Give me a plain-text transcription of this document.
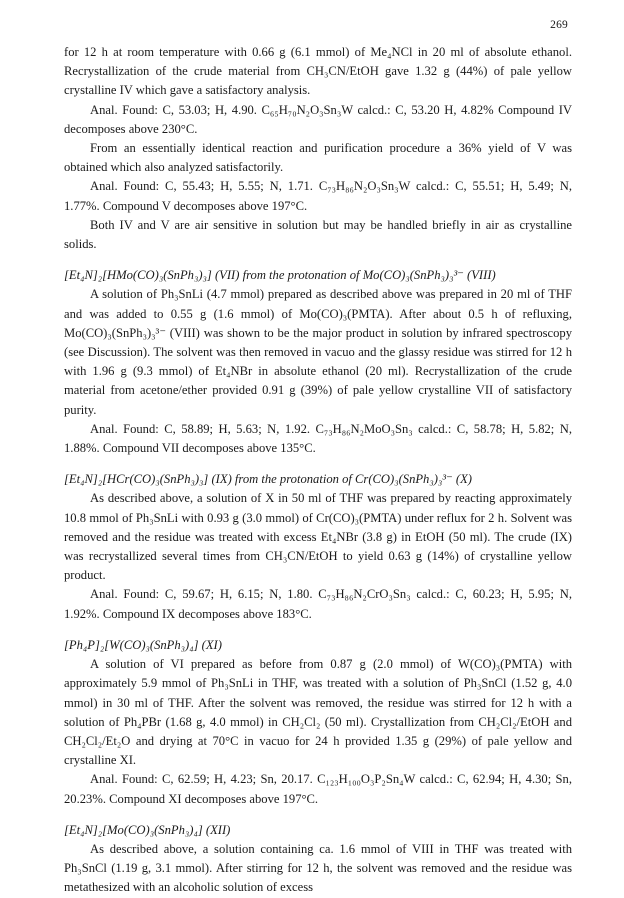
269

for 12 h at room temperature with 0.66 g (6.1 mmol) of Me₄NCl in 20 ml of absolute ethanol. Recrystallization of the crude material from CH₃CN/EtOH gave 1.32 g (44%) of pale yellow crystalline IV which gave a satisfactory analysis.

Anal. Found: C, 53.03; H, 4.90. C₆₅H₇₀N₂O₃Sn₃W calcd.: C, 53.20 H, 4.82% Compound IV decomposes above 230°C.

From an essentially identical reaction and purification procedure a 36% yield of V was obtained which also analyzed satisfactorily.

Anal. Found: C, 55.43; H, 5.55; N, 1.71. C₇₃H₈₆N₂O₃Sn₃W calcd.: C, 55.51; H, 5.49; N, 1.77%. Compound V decomposes above 197°C.

Both IV and V are air sensitive in solution but may be handled briefly in air as crystalline solids.

[Et₄N]₂[HMo(CO)₃(SnPh₃)₃] (VII) from the protonation of Mo(CO)₃(SnPh₃)₃³⁻ (VIII)

A solution of Ph₃SnLi (4.7 mmol) prepared as described above was prepared in 20 ml of THF and was added to 0.55 g (1.6 mmol) of Mo(CO)₃(PMTA). After about 0.5 h of refluxing, Mo(CO)₃(SnPh₃)₃³⁻ (VIII) was shown to be the major product in solution by infrared spectroscopy (see Discussion). The solvent was then removed in vacuo and the glassy residue was stirred for 12 h with 1.96 g (9.3 mmol) of Et₄NBr in absolute ethanol (20 ml). Recrystallization of the crude material from acetone/ether provided 0.91 g (39%) of pale yellow crystalline VII of satisfactory purity.

Anal. Found: C, 58.89; H, 5.63; N, 1.92. C₇₃H₈₆N₂MoO₃Sn₃ calcd.: C, 58.78; H, 5.82; N, 1.88%. Compound VII decomposes above 135°C.

[Et₄N]₂[HCr(CO)₃(SnPh₃)₃] (IX) from the protonation of Cr(CO)₃(SnPh₃)₃³⁻ (X)

As described above, a solution of X in 50 ml of THF was prepared by reacting approximately 10.8 mmol of Ph₃SnLi with 0.93 g (3.0 mmol) of Cr(CO)₃(PMTA) under reflux for 2 h. Solvent was removed and the residue was treated with excess Et₄NBr (3.8 g) in EtOH (50 ml). The crude (IX) was recrystallized several times from CH₃CN/EtOH to yield 0.63 g (14%) of crystalline yellow product.

Anal. Found: C, 59.67; H, 6.15; N, 1.80. C₇₃H₈₆N₂CrO₃Sn₃ calcd.: C, 60.23; H, 5.95; N, 1.92%. Compound IX decomposes above 183°C.

[Ph₄P]₂[W(CO)₃(SnPh₃)₄] (XI)

A solution of VI prepared as before from 0.87 g (2.0 mmol) of W(CO)₃(PMTA) with approximately 5.9 mmol of Ph₃SnLi in THF, was treated with a solution of Ph₃SnCl (1.52 g, 4.0 mmol) in 30 ml of THF. After the solvent was removed, the residue was stirred for 12 h with a solution of Ph₄PBr (1.68 g, 4.0 mmol) in CH₂Cl₂ (50 ml). Crystallization from CH₂Cl₂/EtOH and CH₂Cl₂/Et₂O and drying at 70°C in vacuo for 24 h provided 1.35 g (29%) of pale yellow and crystalline XI.

Anal. Found: C, 62.59; H, 4.23; Sn, 20.17. C₁₂₃H₁₀₀O₃P₂Sn₄W calcd.: C, 62.94; H, 4.30; Sn, 20.23%. Compound XI decomposes above 197°C.

[Et₄N]₂[Mo(CO)₃(SnPh₃)₄] (XII)

As described above, a solution containing ca. 1.6 mmol of VIII in THF was treated with Ph₃SnCl (1.19 g, 3.1 mmol). After stirring for 12 h, the solvent was removed and the residue was metathesized with an alcoholic solution of excess
